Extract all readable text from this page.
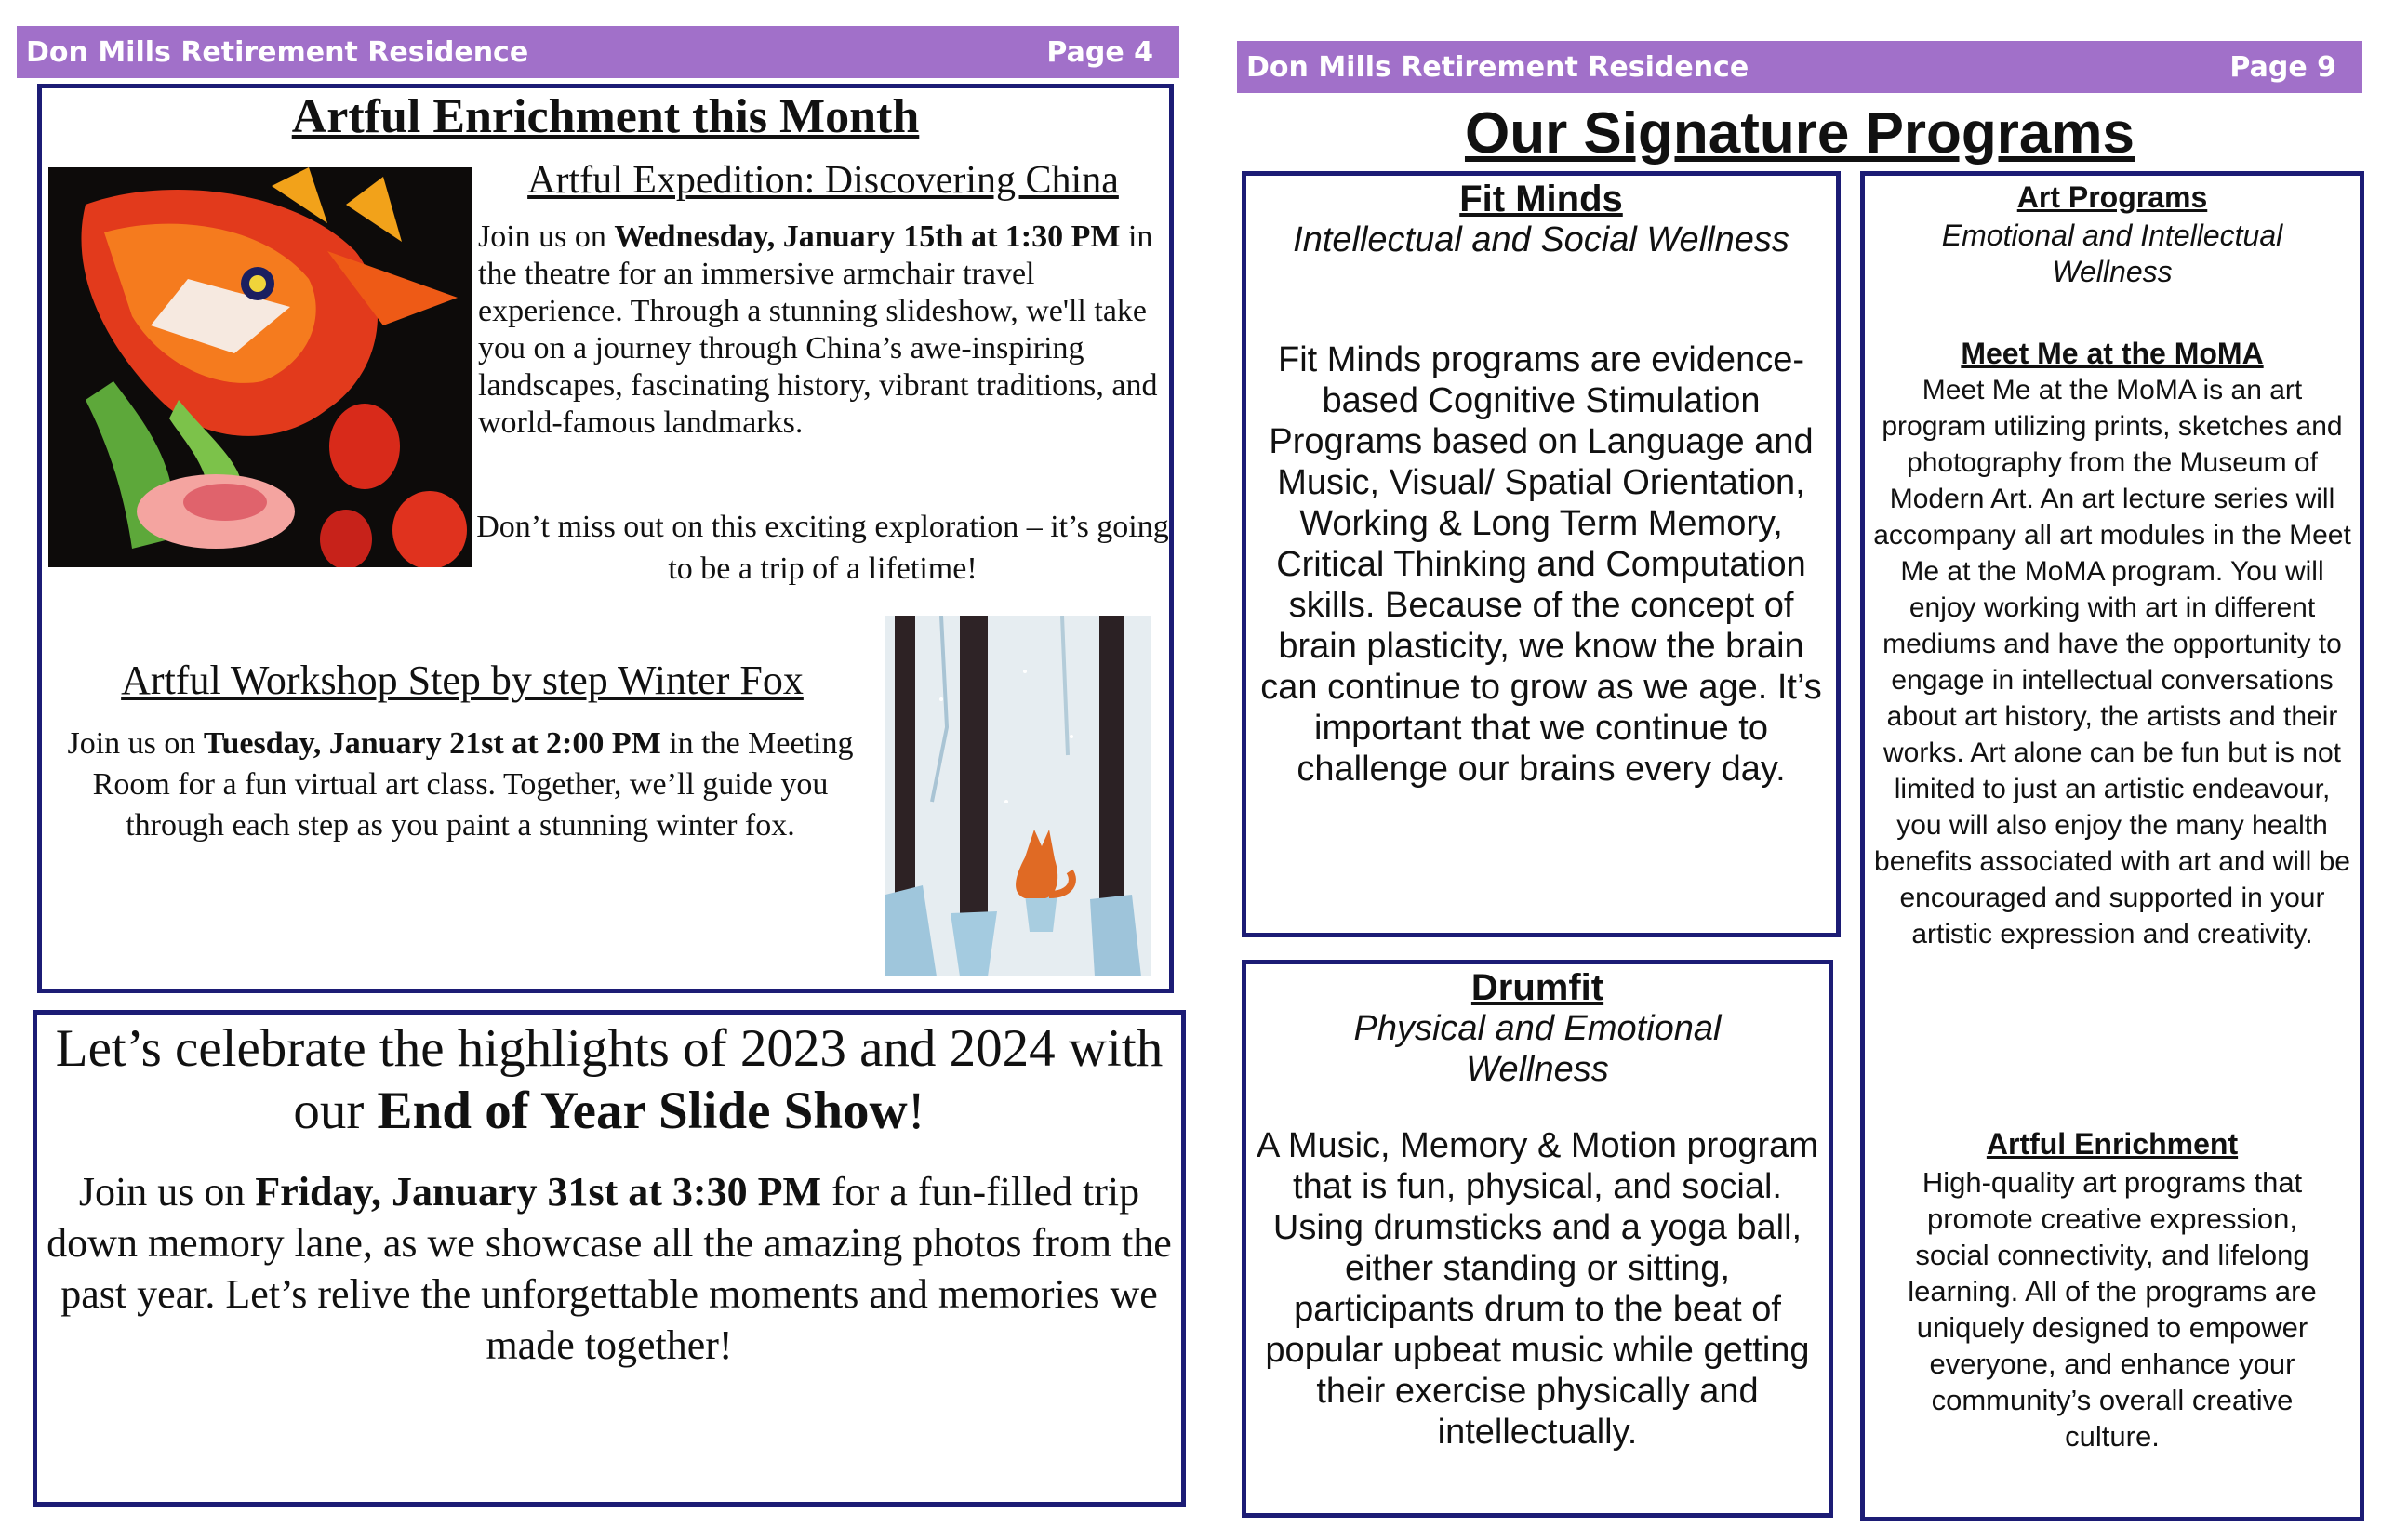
Don Mills Retirement Residence	Page 4
Artful Enrichment this Month
Artful Expedition: Discovering China
Join us on Wednesday, January 15th at 1:30 PM in the theatre for an immersive armchair travel experience. Through a stunning slideshow, we'll take you on a journey through China’s awe-inspiring landscapes, fascinating history, vibrant traditions, and world-famous landmarks.
Don’t miss out on this exciting exploration – it’s going to be a trip of a lifetime!
Artful Workshop Step by step Winter Fox
Join us on Tuesday, January 21st at 2:00 PM in the Meeting Room for a fun virtual art class. Together, we’ll guide you through each step as you paint a stunning winter fox.
Let’s celebrate the highlights of 2023 and 2024 with our End of Year Slide Show!
Join us on Friday, January 31st at 3:30 PM for a fun-filled trip down memory lane, as we showcase all the amazing photos from the past year. Let’s relive the unforgettable moments and memories we made together!
Don Mills Retirement Residence	Page 9
Our Signature Programs
Fit Minds
Intellectual and Social Wellness
Fit Minds programs are evidence-based Cognitive Stimulation Programs based on Language and Music, Visual/ Spatial Orientation, Working & Long Term Memory, Critical Thinking and Computation skills. Because of the concept of brain plasticity, we know the brain can continue to grow as we age. It’s important that we continue to challenge our brains every day.
Drumfit
Physical and Emotional Wellness
A Music, Memory & Motion program that is fun, physical, and social. Using drumsticks and a yoga ball, either standing or sitting, participants drum to the beat of popular upbeat music while getting their exercise physically and intellectually.
Art Programs
Emotional and Intellectual Wellness
Meet Me at the MoMA
Meet Me at the MoMA is an art program utilizing prints, sketches and photography from the Museum of Modern Art. An art lecture series will accompany all art modules in the Meet Me at the MoMA program. You will enjoy working with art in different mediums and have the opportunity to engage in intellectual conversations about art history, the artists and their works. Art alone can be fun but is not limited to just an artistic endeavour, you will also enjoy the many health benefits associated with art and will be encouraged and supported in your artistic expression and creativity.
Artful Enrichment
High-quality art programs that promote creative expression, social connectivity, and lifelong learning. All of the programs are uniquely designed to empower everyone, and enhance your community’s overall creative culture.
